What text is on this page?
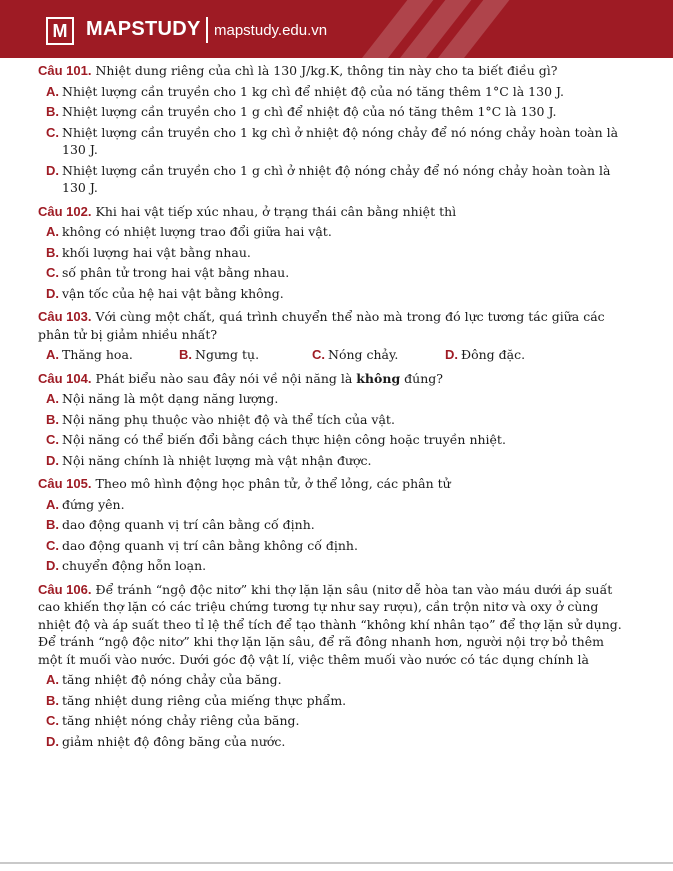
M MAPSTUDY mapstudy.edu.vn

Câu 101. Nhiệt dung riêng của chì là 130 J/kg.K, thông tin này cho ta biết điều gì?

A. Nhiệt lượng cần truyền cho 1 kg chì để nhiệt độ của nó tăng thêm 1°C là 130 J.
B. Nhiệt lượng cần truyền cho 1 g chì để nhiệt độ của nó tăng thêm 1°C là 130 J.
C. Nhiệt lượng cần truyền cho 1 kg chì ở nhiệt độ nóng chảy để nó nóng chảy hoàn toàn là 130 J.
D. Nhiệt lượng cần truyền cho 1 g chì ở nhiệt độ nóng chảy để nó nóng chảy hoàn toàn là 130 J.

Câu 102. Khi hai vật tiếp xúc nhau, ở trạng thái cân bằng nhiệt thì

A. không có nhiệt lượng trao đổi giữa hai vật.
B. khối lượng hai vật bằng nhau.
C. số phân tử trong hai vật bằng nhau.
D. vận tốc của hệ hai vật bằng không.

Câu 103. Với cùng một chất, quá trình chuyển thể nào mà trong đó lực tương tác giữa các phân tử bị giảm nhiều nhất?

A. Thăng hoa.	B. Ngưng tụ.	C. Nóng chảy.	D. Đông đặc.

Câu 104. Phát biểu nào sau đây nói về nội năng là không đúng?

A. Nội năng là một dạng năng lượng.
B. Nội năng phụ thuộc vào nhiệt độ và thể tích của vật.
C. Nội năng có thể biến đổi bằng cách thực hiện công hoặc truyền nhiệt.
D. Nội năng chính là nhiệt lượng mà vật nhận được.

Câu 105. Theo mô hình động học phân tử, ở thể lỏng, các phân tử

A. đứng yên.
B. dao động quanh vị trí cân bằng cố định.
C. dao động quanh vị trí cân bằng không cố định.
D. chuyển động hỗn loạn.

Câu 106. Để tránh “ngộ độc nitơ” khi thợ lặn lặn sâu (nitơ dễ hòa tan vào máu dưới áp suất cao khiến thợ lặn có các triệu chứng tương tự như say rượu), cần trộn nitơ và oxy ở cùng nhiệt độ và áp suất theo tỉ lệ thể tích để tạo thành “không khí nhân tạo” để thợ lặn sử dụng. Để tránh “ngộ độc nitơ” khi thợ lặn lặn sâu, để rã đông nhanh hơn, người nội trợ bỏ thêm một ít muối vào nước. Dưới góc độ vật lí, việc thêm muối vào nước có tác dụng chính là

A. tăng nhiệt độ nóng chảy của băng.
B. tăng nhiệt dung riêng của miếng thực phẩm.
C. tăng nhiệt nóng chảy riêng của băng.
D. giảm nhiệt độ đông băng của nước.
